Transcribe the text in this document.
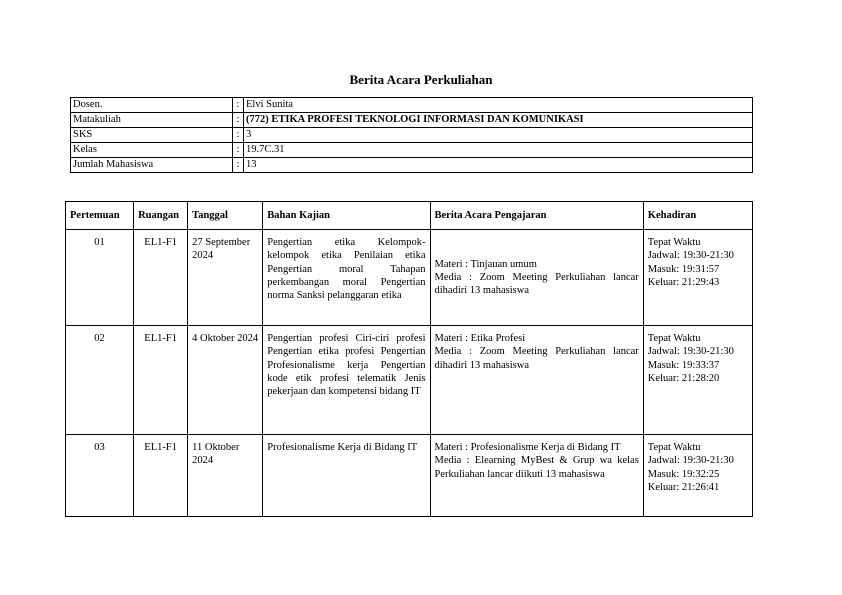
Berita Acara Perkuliahan
Dosen.	:	Elvi Sunita
Matakuliah	:	(772) ETIKA PROFESI TEKNOLOGI INFORMASI DAN KOMUNIKASI
SKS	:	3
Kelas	:	19.7C.31
Jumlah Mahasiswa	:	13
Pertemuan	Ruangan	Tanggal	Bahan Kajian	Berita Acara Pengajaran	Kehadiran
01	EL1-F1	27 September 2024	Pengertian etika Kelompok-kelompok etika Penilaian etika Pengertian moral Tahapan perkembangan moral Pengertian norma Sanksi pelanggaran etika	Materi : Tinjauan umum
Media : Zoom Meeting Perkuliahan lancar dihadiri 13 mahasiswa	Tepat Waktu
Jadwal: 19:30-21:30
Masuk: 19:31:57
Keluar: 21:29:43

02	EL1-F1	4 Oktober 2024	Pengertian profesi Ciri-ciri profesi Pengertian etika profesi Pengertian Profesionalisme kerja Pengertian kode etik profesi telematik Jenis pekerjaan dan kompetensi bidang IT	Materi : Etika Profesi
Media : Zoom Meeting Perkuliahan lancar dihadiri 13 mahasiswa	Tepat Waktu
Jadwal: 19:30-21:30
Masuk: 19:33:37
Keluar: 21:28:20

03	EL1-F1	11 Oktober 2024	Profesionalisme Kerja di Bidang IT	Materi : Profesionalisme Kerja di Bidang IT
Media : Elearning MyBest & Grup wa kelas Perkuliahan lancar diikuti 13 mahasiswa	Tepat Waktu
Jadwal: 19:30-21:30
Masuk: 19:32:25
Keluar: 21:26:41
